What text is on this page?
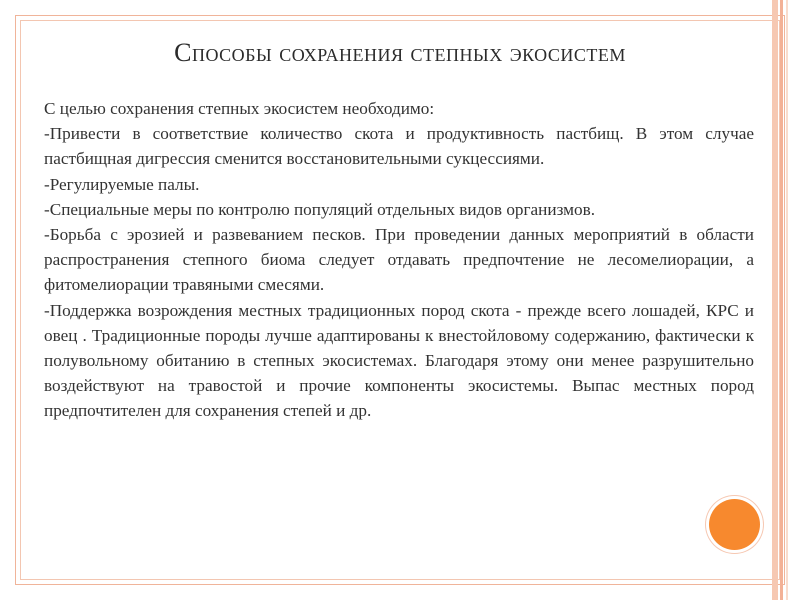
Способы сохранения степных экосистем

С целью сохранения степных экосистем необходимо:

-Привести в соответствие количество скота и продуктивность пастбищ. В этом случае пастбищная дигрессия сменится восстановительными сукцессиями.

-Регулируемые палы.

-Специальные меры по контролю популяций отдельных видов организмов.

-Борьба с эрозией и развеванием песков. При проведении данных мероприятий в области распространения степного биома следует отдавать предпочтение не лесомелиорации, а фитомелиорации травяными смесями.

-Поддержка возрождения местных традиционных пород скота - прежде всего лошадей, КРС и овец . Традиционные породы лучше адаптированы к внестойловому содержанию, фактически к полувольному обитанию в степных экосистемах. Благодаря этому они менее разрушительно воздействуют на травостой и прочие компоненты экосистемы. Выпас местных пород предпочтителен для сохранения степей и др.
